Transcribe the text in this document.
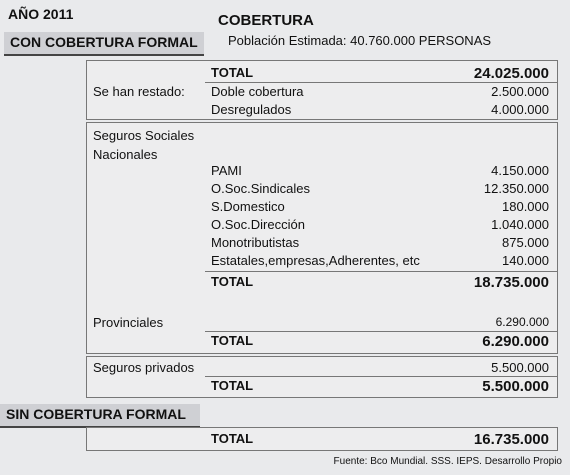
AÑO 2011	COBERTURA
Población Estimada: 40.760.000 PERSONAS
CON COBERTURA FORMAL
TOTAL	24.025.000
Se han restado: Doble cobertura	2.500.000
Desregulados	4.000.000
Seguros Sociales
Nacionales
PAMI	4.150.000
O.Soc.Sindicales	12.350.000
S.Domestico	180.000
O.Soc.Dirección	1.040.000
Monotributistas	875.000
Estatales,empresas,Adherentes, etc	140.000
TOTAL	18.735.000
Provinciales	6.290.000
TOTAL	6.290.000
Seguros privados	5.500.000
TOTAL	5.500.000
SIN COBERTURA FORMAL
TOTAL	16.735.000
Fuente: Bco Mundial. SSS. IEPS. Desarrollo Propio
